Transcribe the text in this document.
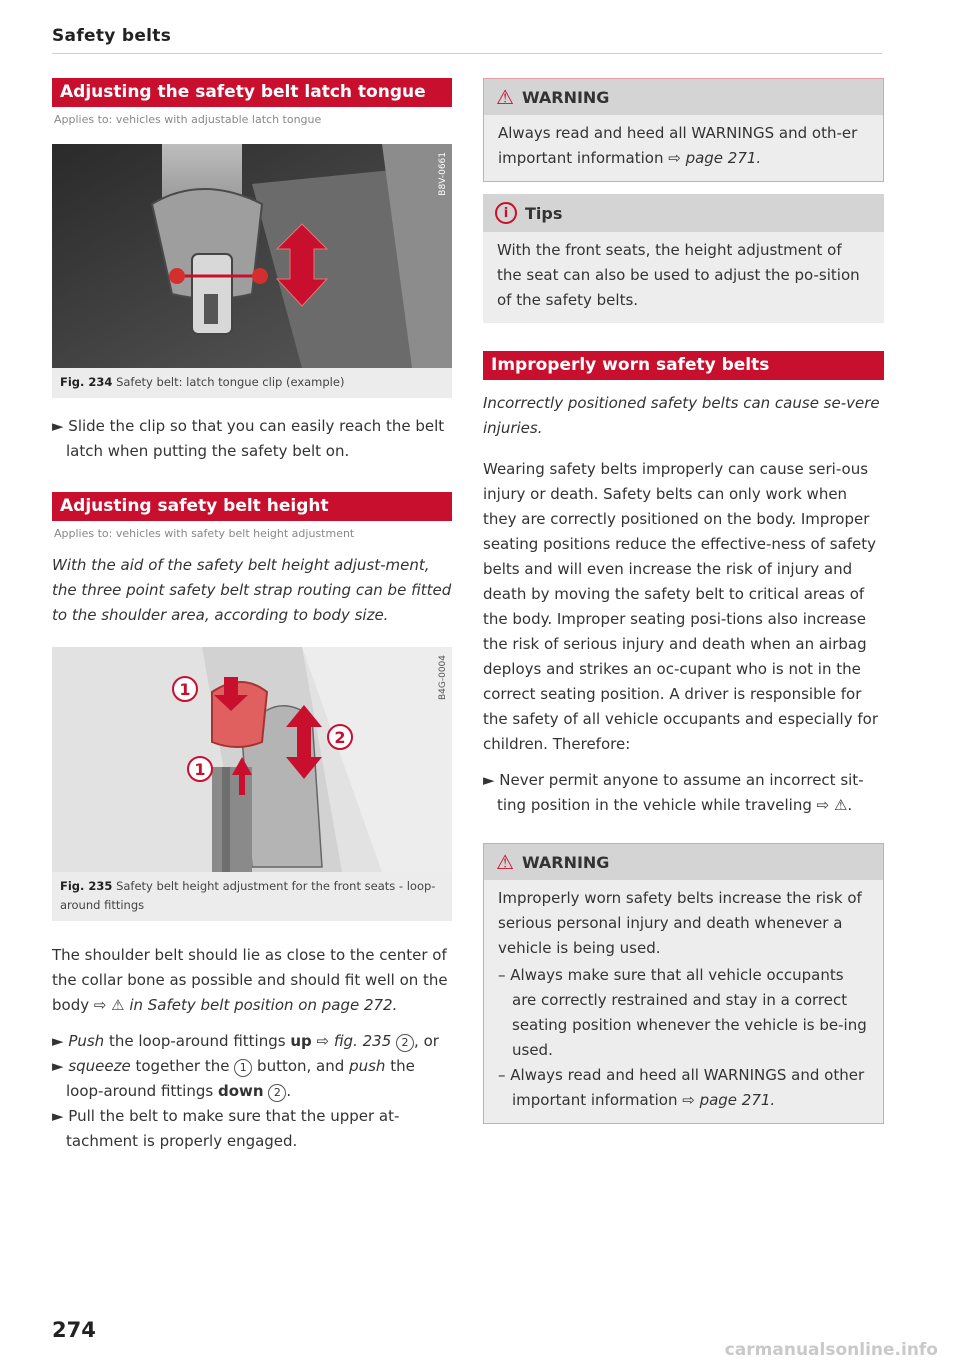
Safety belts
Adjusting the safety belt latch tongue
Applies to: vehicles with adjustable latch tongue
B8V-0661
Fig. 234 Safety belt: latch tongue clip (example)

► Slide the clip so that you can easily reach the belt latch when putting the safety belt on.

Adjusting safety belt height
Applies to: vehicles with safety belt height adjustment

With the aid of the safety belt height adjust-ment, the three point safety belt strap routing can be fitted to the shoulder area, according to body size.

1
1
2
B4G-0004
Fig. 235 Safety belt height adjustment for the front seats - loop-around fittings

The shoulder belt should lie as close to the center of the collar bone as possible and should fit well on the body ⇨ ⚠ in Safety belt position on page 272.

► Push the loop-around fittings up ⇨ fig. 235 2 , or

► squeeze together the 1 button, and push the loop-around fittings down 2 .

► Pull the belt to make sure that the upper at-tachment is properly engaged.

⚠ WARNING
Always read and heed all WARNINGS and oth-er important information ⇨ page 271.
i	Tips
With the front seats, the height adjustment of the seat can also be used to adjust the po-sition of the safety belts.
Improperly worn safety belts

Incorrectly positioned safety belts can cause se-vere injuries.

Wearing safety belts improperly can cause seri-ous injury or death. Safety belts can only work when they are correctly positioned on the body. Improper seating positions reduce the effective-ness of safety belts and will even increase the risk of injury and death by moving the safety belt to critical areas of the body. Improper seating posi-tions also increase the risk of serious injury and death when an airbag deploys and strikes an oc-cupant who is not in the correct seating position. A driver is responsible for the safety of all vehicle occupants and especially for children. Therefore:

► Never permit anyone to assume an incorrect sit-ting position in the vehicle while traveling ⇨ ⚠.

⚠ WARNING
Improperly worn safety belts increase the risk of serious personal injury and death whenever a vehicle is being used.
– Always make sure that all vehicle occupants are correctly restrained and stay in a correct seating position whenever the vehicle is be-ing used.
– Always read and heed all WARNINGS and other important information ⇨ page 271.
274
carmanualsonline.info
